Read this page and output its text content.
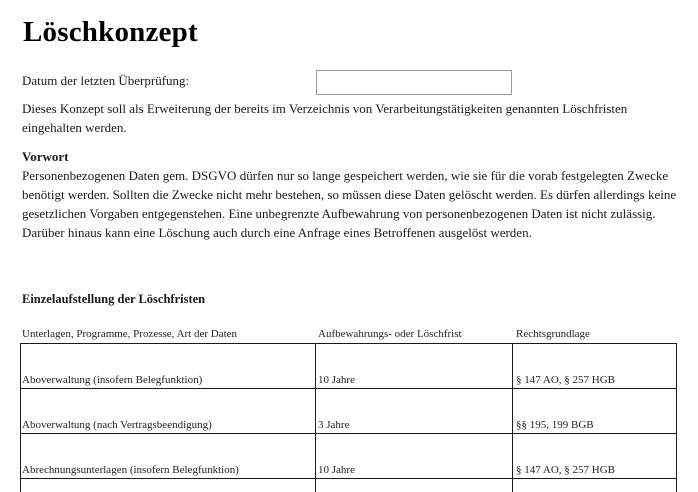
Löschkonzept
Datum der letzten Überprüfung:

Dieses Konzept soll als Erweiterung der bereits im Verzeichnis von Verarbeitungstätigkeiten genannten Löschfristen eingehalten werden.

Vorwort

Personenbezogenen Daten gem. DSGVO dürfen nur so lange gespeichert werden, wie sie für die vorab festgelegten Zwecke benötigt werden. Sollten die Zwecke nicht mehr bestehen, so müssen diese Daten gelöscht werden. Es dürfen allerdings keine gesetzlichen Vorgaben entgegenstehen. Eine unbegrenzte Aufbewahrung von personenbezogenen Daten ist nicht zulässig. Darüber hinaus kann eine Löschung auch durch eine Anfrage eines Betroffenen ausgelöst werden.

Einzelaufstellung der Löschfristen
Unterlagen, Programme, Prozesse, Art der Daten	Aufbewahrungs- oder Löschfrist	Rechtsgrundlage
Aboverwaltung (insofern Belegfunktion)	10 Jahre	§ 147 AO, § 257 HGB
Aboverwaltung (nach Vertragsbeendigung)	3 Jahre	§§ 195, 199 BGB
Abrechnungsunterlagen (insofern Belegfunktion)	10 Jahre	§ 147 AO, § 257 HGB
